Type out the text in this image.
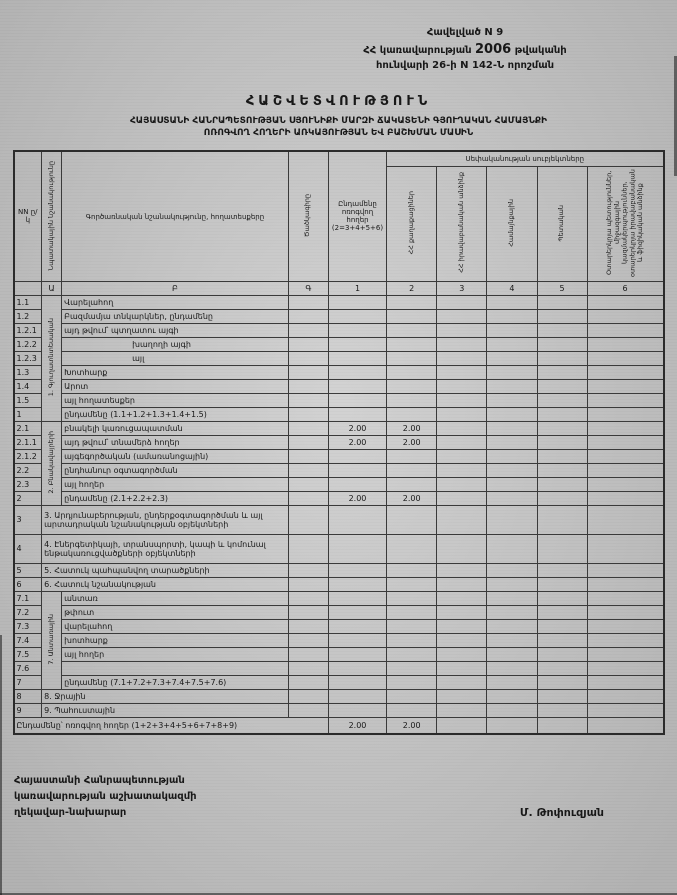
Հավելված N 9
ՀՀ կառավարության 2006 թվականի
հունվարի 26-ի N 142-Ն որոշման
ՀԱՇՎԵՏՎՈՒԹՅՈՒՆ
ՀԱՅԱՍՏԱՆԻ ՀԱՆՐԱՊԵՏՈՒԹՅԱՆ ՍՅՈՒՆԻՔԻ ՄԱՐԶԻ ՃԱԿԱՏԵՆԻ ԳՅՈՒՂԱԿԱՆ ՀԱՄԱՅՆՔԻ
ՈՌՈԳՎՈՂ ՀՈՂԵՐԻ ԱՌԿԱՅՈՒԹՅԱՆ ԵՎ ԲԱՇԽՄԱՆ ՄԱՍԻՆ
NN ը/կ	Նպատակային նշանակությունը	Գործառնական նշանակությունը, հողատեսքերը	Ծածկագիրը	Ընդամենը ոռոգվող հողեր (2=3+4+5+6)	Սեփականության սուբյեկտները				
					ՀՀ քաղաքացիներ	ՀՀ իրավաբանական անձինք	Համայնքային	Պետական	Օտարերկրյա պետություններ, միջազգային կազմակերպություններ, օտարերկրյա իրավաբանական և ֆիզիկական անձինք
	Ա	Բ	Գ	1	2	3	4	5	6
1.1	1. Գյուղատնտեսական	Վարելահող							
1.2		Բազմամյա տնկարկներ, ընդամենը							
1.2.1		այդ թվում՝ պտղատու այգի							
1.2.2		խաղողի այգի							
1.2.3		այլ							
1.3		Խոտհարք							
1.4		Արոտ							
1.5		այլ հողատեսքեր							
1		ընդամենը (1.1+1.2+1.3+1.4+1.5)							
2.1	2. Բնակավայրերի	բնակելի կառուցապատման		2.00	2.00				
2.1.1		այդ թվում՝ տնամերձ հողեր		2.00	2.00				
2.1.2		այգեգործական (ամառանոցային)							
2.2		ընդհանուր օգտագործման							
2.3		այլ հողեր							
2		ընդամենը (2.1+2.2+2.3)		2.00	2.00				
3	3. Արդյունաբերության, ընդերքօգտագործման և այլ արտադրական նշանակության օբյեկտների								
4	4. Էներգետիկայի, տրանսպորտի, կապի և կոմունալ ենթակառուցվածքների օբյեկտների								
5	5. Հատուկ պահպանվող տարածքների								
6	6. Հատուկ նշանակության								
7.1	7. Անտառային	անտառ							
7.2		թփուտ							
7.3		վարելահող							
7.4		խոտհարք							
7.5		այլ հողեր							
7.6									
7		ընդամենը (7.1+7.2+7.3+7.4+7.5+7.6)							
8	8. Ջրային								
9	9. Պահուստային								
Ընդամենը՝ ոռոգվող հողեր (1+2+3+4+5+6+7+8+9)				2.00	2.00				
Հայաստանի Հանրապետության
կառավարության աշխատակազմի
ղեկավար-նախարար	Մ. Թոփուզյան
